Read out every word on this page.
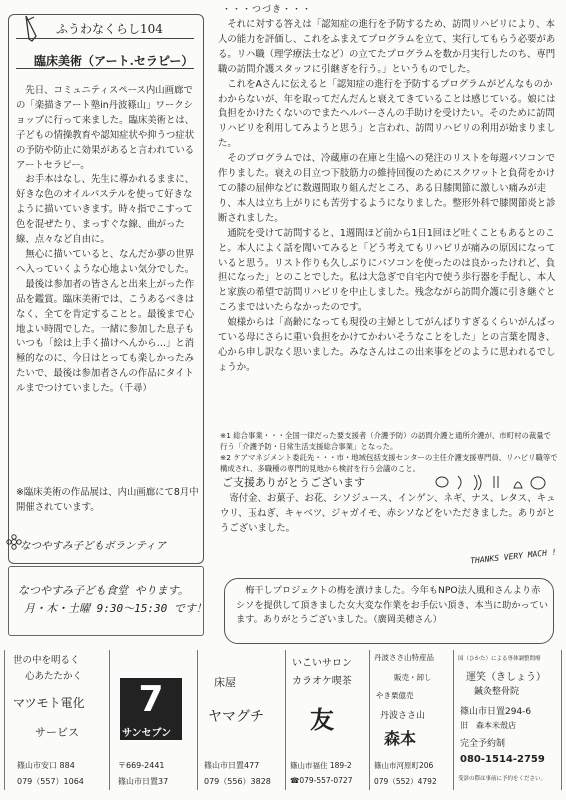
ふうわなくらし104
臨床美術（アート.セラピー）

先日、コミュニティスペース内山画廊での「楽描きアート塾in丹波篠山」ワークショップに行って来ました。臨床美術とは、子どもの情操教育や認知症状や抑うつ症状の予防や防止に効果があると言われているアートセラピー。

お手本はなし、先生に導かれるままに、好きな色のオイルパステルを使って好きなように描いていきます。時々指でこすって色を混ぜたり、まっすぐな線、曲がった線、点々など自由に。

無心に描いていると、なんだか夢の世界へ入っていくような心地よい気分でした。

最後は参加者の皆さんと出来上がった作品を鑑賞。臨床美術では、こうあるべきはなく、全てを肯定することと。最後まで心地よい時間でした。一緒に参加した息子もいつも「絵は上手く描けへんから…」と消極的なのに、今日はとっても楽しかったみたいで、最後は参加者さんの作品にタイトルまでつけていました。（千尋）

※臨床美術の作品展は、内山画廊にて8月中開催されています。

なつやすみ子どもボランティア
なつやすみ子ども食堂 やります。
月・木・土曜 9:30〜15:30 です！
・・・つづき・・・

それに対する答えは「認知症の進行を予防するため、訪問リハビリにより、本人の能力を評価し、これをふまえてプログラムを立て、実行してもらう必要がある。リハ職（理学療法士など）の立てたプログラムを数か月実行したのち、専門職の訪問介護スタッフに引継ぎを行う。」というものでした。

これをAさんに伝えると「認知症の進行を予防するプログラムがどんなものかわからないが、年を取ってだんだんと衰えてきていることは感じている。娘には負担をかけたくないのでまたヘルパーさんの手助けを受けたい。そのために訪問リハビリを利用してみようと思う」と言われ、訪問リハビリの利用が始まりました。

そのプログラムでは、冷蔵庫の在庫と生協への発注のリストを毎週パソコンで作りました。衰えの目立つ下肢筋力の維持回復のためにスクワットと負荷をかけての膝の屈伸などに数週間取り組んだところ、ある日膝関節に激しい痛みが走り、本人は立ち上がりにも苦労するようになりました。整形外科で膝関節炎と診断されました。

通院を受けて訪問すると、1週間ほど前から1日1回ほど吐くこともあるとのこと。本人によく話を聞いてみると「どう考えてもリハビリが痛みの原因になっていると思う。リスト作りも久しぶりにパソコンを使ったのは良かったけれど、負担になった」とのことでした。私は大急ぎで自宅内で使う歩行器を手配し、本人と家族の希望で訪問リハビリを中止しました。残念ながら訪問介護に引き継ぐところまではいたらなかったのです。

娘様からは「高齢になっても現役の主婦としてがんばりすぎるくらいがんばっている母にさらに重い負担をかけてかわいそうなことをした」との言葉を聞き、心から申し訳なく思いました。みなさんはこの出来事をどのように思われるでしょうか。

※1 総合事業・・・全国一律だった要支援者（介護予防）の訪問介護と通所介護が、市町村の裁量で行う「介護予防・日常生活支援総合事業」となった。

※2 ケアマネジメント委託先・・・市・地域包括支援センターの主任介護支援専門員、リハビリ職等で構成され、多職種の専門的見地から検討を行う会議のこと。

ご支援ありがとうございます

寄付金、お菓子、お花、シソジュース、インゲン、ネギ、ナス、レタス、キュウリ、玉ねぎ、キャベツ、ジャガイモ、赤シソなどをいただきました。ありがとうございました。

THANKS VERY MACH !

梅干しプロジェクトの梅を漬けました。今年もNPO法人風和さんより赤シソを提供して頂きました女大変な作業をお手伝い頂き、本当に助かっています。ありがとうございました。（廣岡美穂さん）

世の中を明るく
心あたたかく
マツモト電化
サービス
篠山市安口 884
079（557）1064
7
サンセブン
〒669-2441
篠山市日置37
床屋
ヤマグチ
篠山市日置477
079（556）3828
いこいサロン
カラオケ喫茶
友
篠山市福住 189-2
☎079-557-0727
丹波ささ山特産品
販売・卸し
やき栗億売
丹波ささ山
森本
篠山市河原町206
079（552）4792
国（ひかた）による専体調整問療
運笑（きしょう）
鍼灸整骨院
篠山市日置294-6
旧　森本米殼店
完全予約制
080-1514-2759
受診の際は事前に予約をください。
